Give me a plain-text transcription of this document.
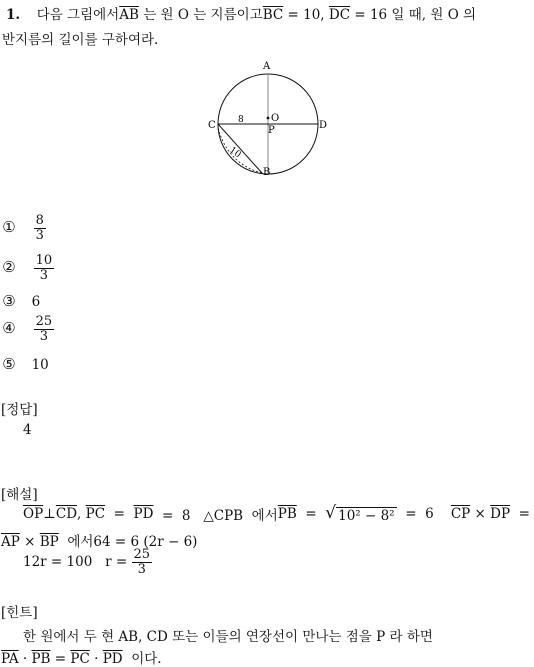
1. 다음 그림에서$\overline{AB}$ 는 원 O 는 지름이고$\overline{BC} = 10$, $\overline{DC} = 16$ 일 때, 원 O 의
반지름의 길이를 구하여라.
A
C	D
B
O
P
8
10
① $\frac{8}{3}$
② $\frac{10}{3}$
③ 6
④ $\frac{25}{3}$
⑤ 10
[정답]
4
[해설]
$\overline{OP}$ ⊥ $\overline{CD}$ , $\overline{PC} = \overline{PD} = 8$   △CPB  에서 $\overline{PB}$ = √ 10² − 8² =  6 $\overline{CP} \times \overline{DP}$ =
$\overline{AP} \times \overline{BP}$  에서64 = 6 (2r − 6)
12r = 100   $r = \frac{25}{3}$
[힌트]
한 원에서 두 현 AB, CD 또는 이들의 연장선이 만나는 점을 P 라 하면
$\overline{PA} \cdot \overline{PB} = \overline{PC} \cdot \overline{PD}$  이다.
